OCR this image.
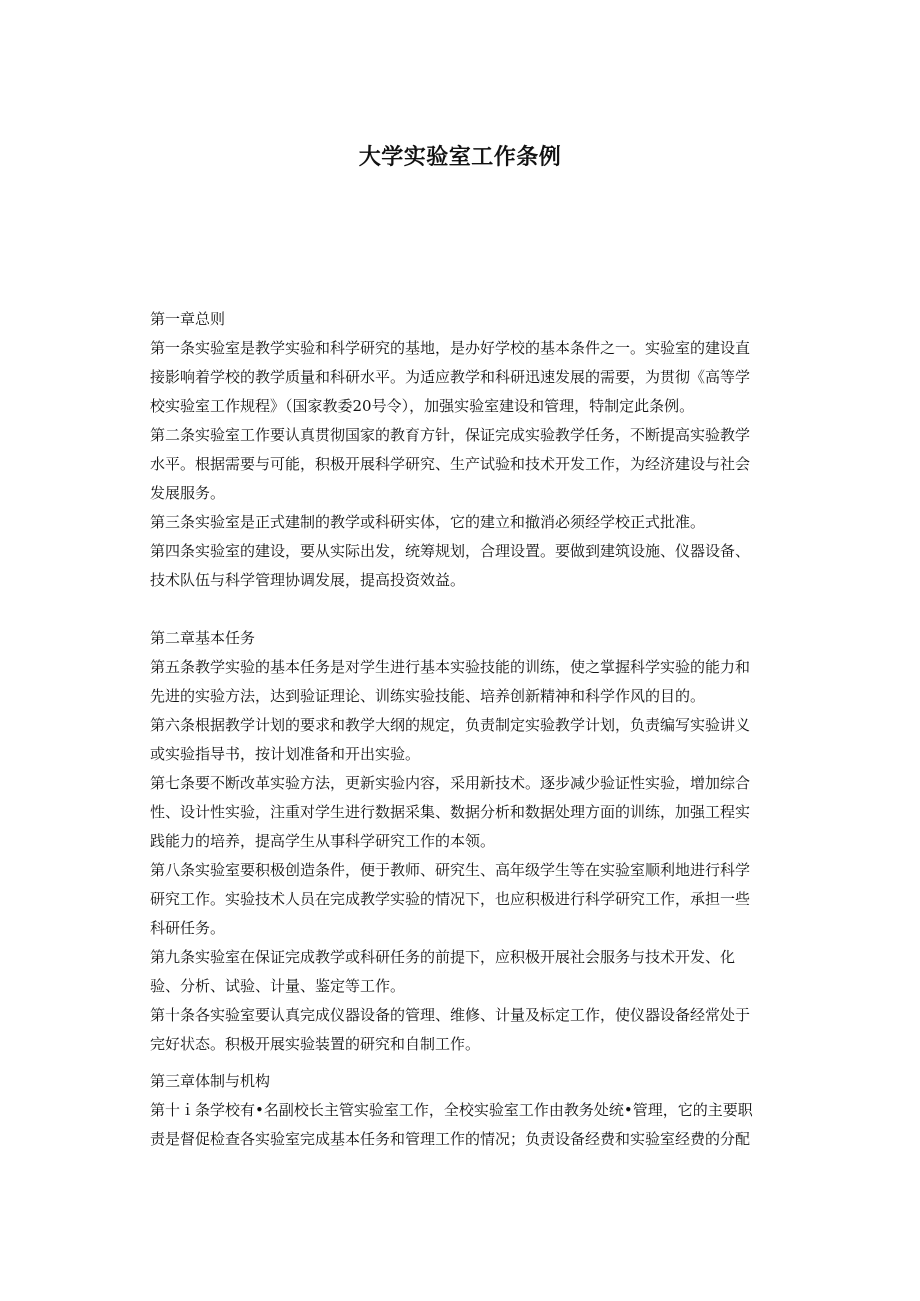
大学实验室工作条例
第一章总则
第一条实验室是教学实验和科学研究的基地，是办好学校的基本条件之一。实验室的建设直
接影响着学校的教学质量和科研水平。为适应教学和科研迅速发展的需要，为贯彻《高等学
校实验室工作规程》（国家教委20号令），加强实验室建设和管理，特制定此条例。
第二条实验室工作要认真贯彻国家的教育方针，保证完成实验教学任务，不断提高实验教学
水平。根据需要与可能，积极开展科学研究、生产试验和技术开发工作，为经济建设与社会
发展服务。
第三条实验室是正式建制的教学或科研实体，它的建立和撤消必须经学校正式批准。
第四条实验室的建设，要从实际出发，统筹规划，合理设置。要做到建筑设施、仪器设备、
技术队伍与科学管理协调发展，提高投资效益。
第二章基本任务
第五条教学实验的基本任务是对学生进行基本实验技能的训练，使之掌握科学实验的能力和
先进的实验方法，达到验证理论、训练实验技能、培养创新精神和科学作风的目的。
第六条根据教学计划的要求和教学大纲的规定，负责制定实验教学计划，负责编写实验讲义
或实验指导书，按计划准备和开出实验。
第七条要不断改革实验方法，更新实验内容，采用新技术。逐步减少验证性实验，增加综合
性、设计性实验，注重对学生进行数据采集、数据分析和数据处理方面的训练，加强工程实
践能力的培养，提高学生从事科学研究工作的本领。
第八条实验室要积极创造条件，便于教师、研究生、高年级学生等在实验室顺利地进行科学
研究工作。实验技术人员在完成教学实验的情况下，也应积极进行科学研究工作，承担一些
科研任务。
第九条实验室在保证完成教学或科研任务的前提下，应积极开展社会服务与技术开发、化
验、分析、试验、计量、鉴定等工作。
第十条各实验室要认真完成仪器设备的管理、维修、计量及标定工作，使仪器设备经常处于
完好状态。积极开展实验装置的研究和自制工作。
第三章体制与机构
第十ｉ条学校有•名副校长主管实验室工作，全校实验室工作由教务处统•管理，它的主要职
责是督促检查各实验室完成基本任务和管理工作的情况；负责设备经费和实验室经费的分配
